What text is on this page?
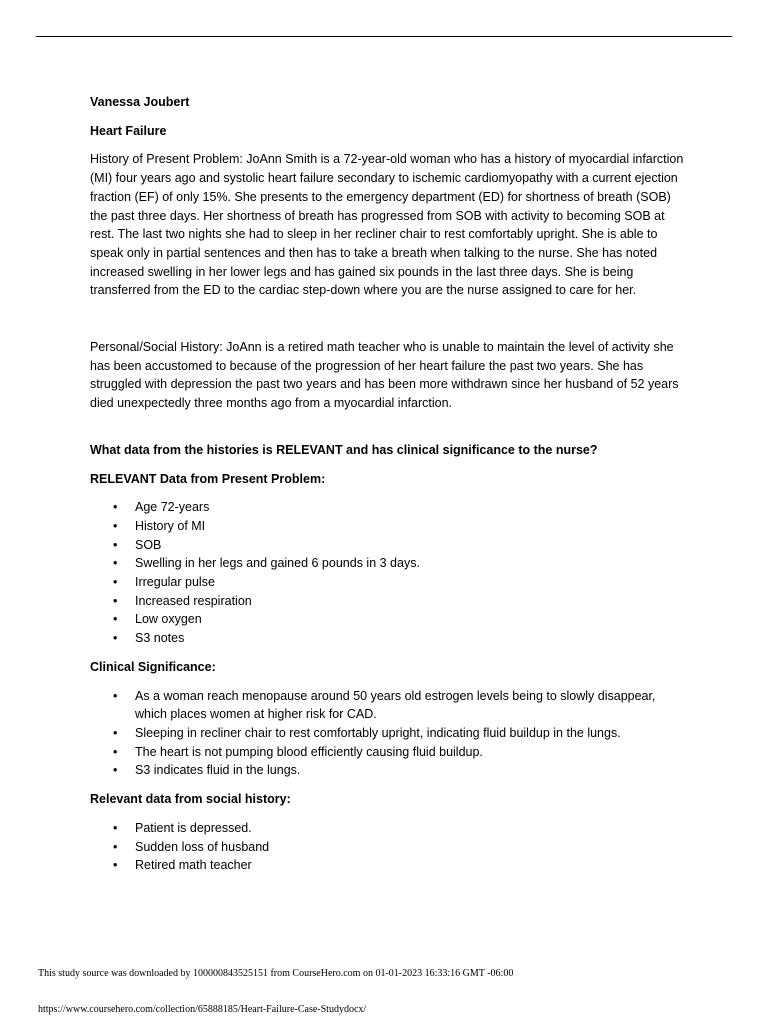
Vanessa Joubert

Heart Failure

History of Present Problem: JoAnn Smith is a 72-year-old woman who has a history of myocardial infarction (MI) four years ago and systolic heart failure secondary to ischemic cardiomyopathy with a current ejection fraction (EF) of only 15%. She presents to the emergency department (ED) for shortness of breath (SOB) the past three days. Her shortness of breath has progressed from SOB with activity to becoming SOB at rest. The last two nights she had to sleep in her recliner chair to rest comfortably upright. She is able to speak only in partial sentences and then has to take a breath when talking to the nurse. She has noted increased swelling in her lower legs and has gained six pounds in the last three days. She is being transferred from the ED to the cardiac step-down where you are the nurse assigned to care for her.

Personal/Social History: JoAnn is a retired math teacher who is unable to maintain the level of activity she has been accustomed to because of the progression of her heart failure the past two years. She has struggled with depression the past two years and has been more withdrawn since her husband of 52 years died unexpectedly three months ago from a myocardial infarction.

What data from the histories is RELEVANT and has clinical significance to the nurse?

RELEVANT Data from Present Problem:

• Age 72-years
• History of MI
• SOB
• Swelling in her legs and gained 6 pounds in 3 days.
• Irregular pulse
• Increased respiration
• Low oxygen
• S3 notes

Clinical Significance:

• As a woman reach menopause around 50 years old estrogen levels being to slowly disappear, which places women at higher risk for CAD.
• Sleeping in recliner chair to rest comfortably upright, indicating fluid buildup in the lungs.
• The heart is not pumping blood efficiently causing fluid buildup.
• S3 indicates fluid in the lungs.

Relevant data from social history:

• Patient is depressed.
• Sudden loss of husband
• Retired math teacher
This study source was downloaded by 100000843525151 from CourseHero.com on 01-01-2023 16:33:16 GMT -06:00
https://www.coursehero.com/collection/65888185/Heart-Failure-Case-Studydocx/
